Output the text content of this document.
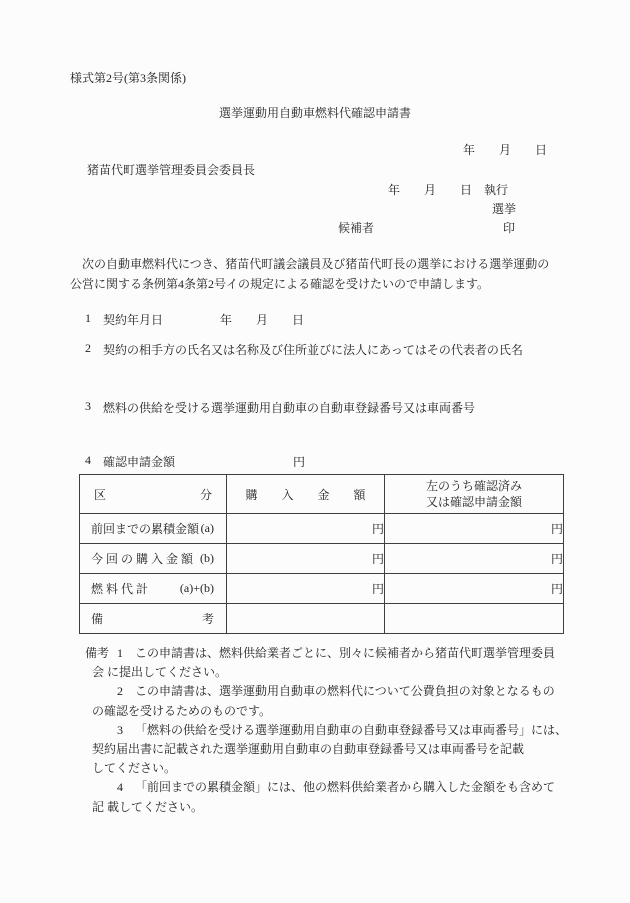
様式第2号(第3条関係)
選挙運動用自動車燃料代確認申請書
年　　月　　日
猪苗代町選挙管理委員会委員長
年　　月　　日　執行
選挙
候補者	印
　次の自動車燃料代につき、猪苗代町議会議員及び猪苗代町長の選挙における選挙運動の
公営に関する条例第4条第2号イの規定による確認を受けたいので申請します。
1 契約年月日	年　　月　　日
2 契約の相手方の氏名又は名称及び住所並びに法人にあってはその代表者の氏名
3 燃料の供給を受ける選挙運動用自動車の自動車登録番号又は車両番号
4 確認申請金額	円
区	分	購　　入　　金　　額	
左のうち確認済み
又は確認申請金額

前回までの累積金額 (a)	円	円

今 回 の 購 入 金 額 (b)	円	円

燃 料 代 計 (a)+(b)	円	円

備 考		

備考 1 この申請書は、燃料供給業者ごとに、別々に候補者から猪苗代町選挙管理委員
会 に提出してください。
2 この申請書は、選挙運動用自動車の燃料代について公費負担の対象となるもの
の確認を受けるためのものです。
3 「燃料の供給を受ける選挙運動用自動車の自動車登録番号又は車両番号」には、
契約届出書に記載された選挙運動用自動車の自動車登録番号又は車両番号を記載
してください。
4 「前回までの累積金額」には、他の燃料供給業者から購入した金額をも含めて
記 載してください。
